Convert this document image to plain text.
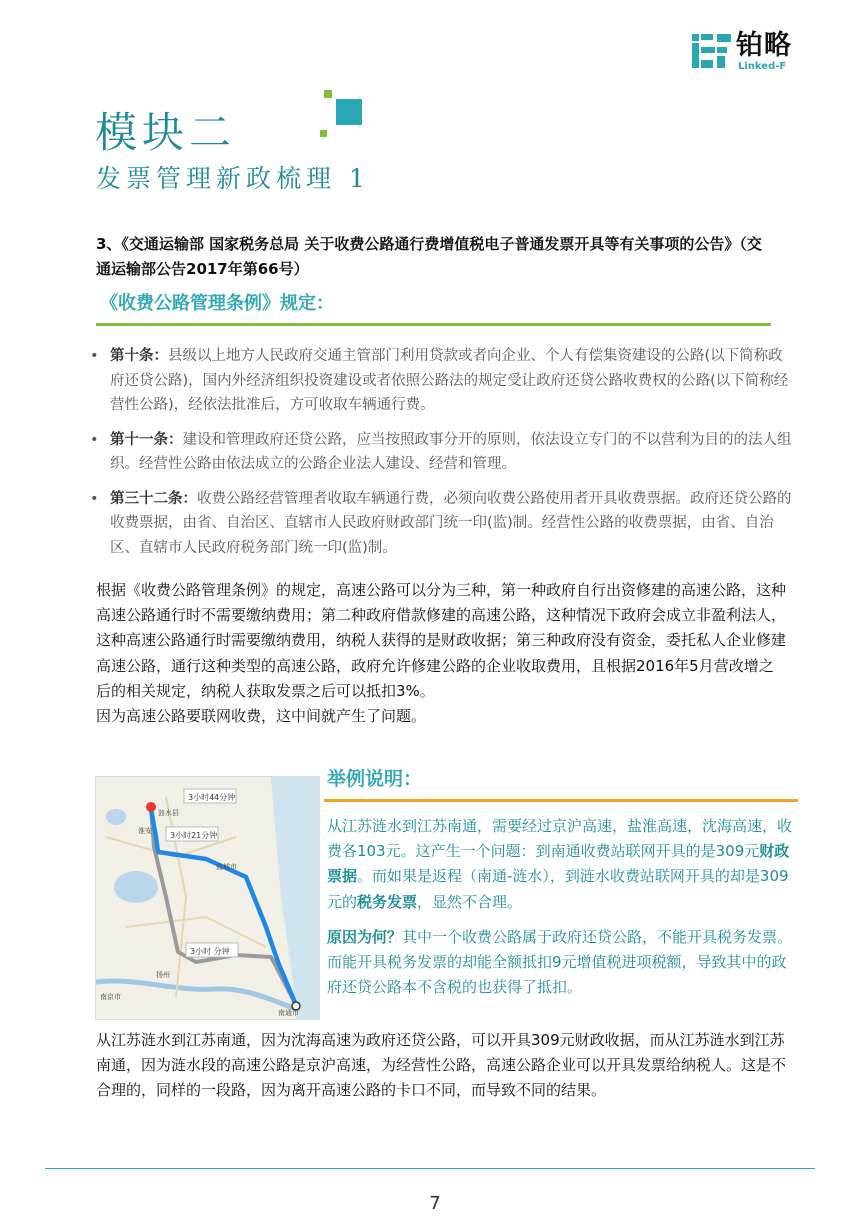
铂略
Linked-F
模块二
发票管理新政梳理 1
3、《交通运输部 国家税务总局 关于收费公路通行费增值税电子普通发票开具等有关事项的公告》（交通运输部公告2017年第66号）
《收费公路管理条例》规定：
• 第十条：县级以上地方人民政府交通主管部门利用贷款或者向企业、个人有偿集资建设的公路(以下简称政府还贷公路)，国内外经济组织投资建设或者依照公路法的规定受让政府还贷公路收费权的公路(以下简称经营性公路)，经依法批准后，方可收取车辆通行费。
• 第十一条：建设和管理政府还贷公路，应当按照政事分开的原则，依法设立专门的不以营利为目的的法人组织。经营性公路由依法成立的公路企业法人建设、经营和管理。
• 第三十二条：收费公路经营管理者收取车辆通行费，必须向收费公路使用者开具收费票据。政府还贷公路的收费票据，由省、自治区、直辖市人民政府财政部门统一印(监)制。经营性公路的收费票据，由省、自治区、直辖市人民政府税务部门统一印(监)制。
根据《收费公路管理条例》的规定，高速公路可以分为三种，第一种政府自行出资修建的高速公路，这种高速公路通行时不需要缴纳费用；第二种政府借款修建的高速公路，这种情况下政府会成立非盈利法人，这种高速公路通行时需要缴纳费用，纳税人获得的是财政收据；第三种政府没有资金，委托私人企业修建高速公路，通行这种类型的高速公路，政府允许修建公路的企业收取费用，且根据2016年5月营改增之后的相关规定，纳税人获取发票之后可以抵扣3%。
因为高速公路要联网收费，这中间就产生了问题。
3小时44分钟
3小时21分钟
3小时 分钟
涟水县
淮安
盐城市
南京市
南通市
扬州
举例说明：

从江苏涟水到江苏南通，需要经过京沪高速，盐淮高速，沈海高速，收费各103元。这产生一个问题：到南通收费站联网开具的是309元财政票据。而如果是返程（南通-涟水），到涟水收费站联网开具的却是309元的税务发票，显然不合理。

原因为何？其中一个收费公路属于政府还贷公路，不能开具税务发票。而能开具税务发票的却能全额抵扣9元增值税进项税额，导致其中的政府还贷公路本不含税的也获得了抵扣。

从江苏涟水到江苏南通，因为沈海高速为政府还贷公路，可以开具309元财政收据，而从江苏涟水到江苏南通，因为涟水段的高速公路是京沪高速，为经营性公路，高速公路企业可以开具发票给纳税人。这是不合理的，同样的一段路，因为离开高速公路的卡口不同，而导致不同的结果。
7
